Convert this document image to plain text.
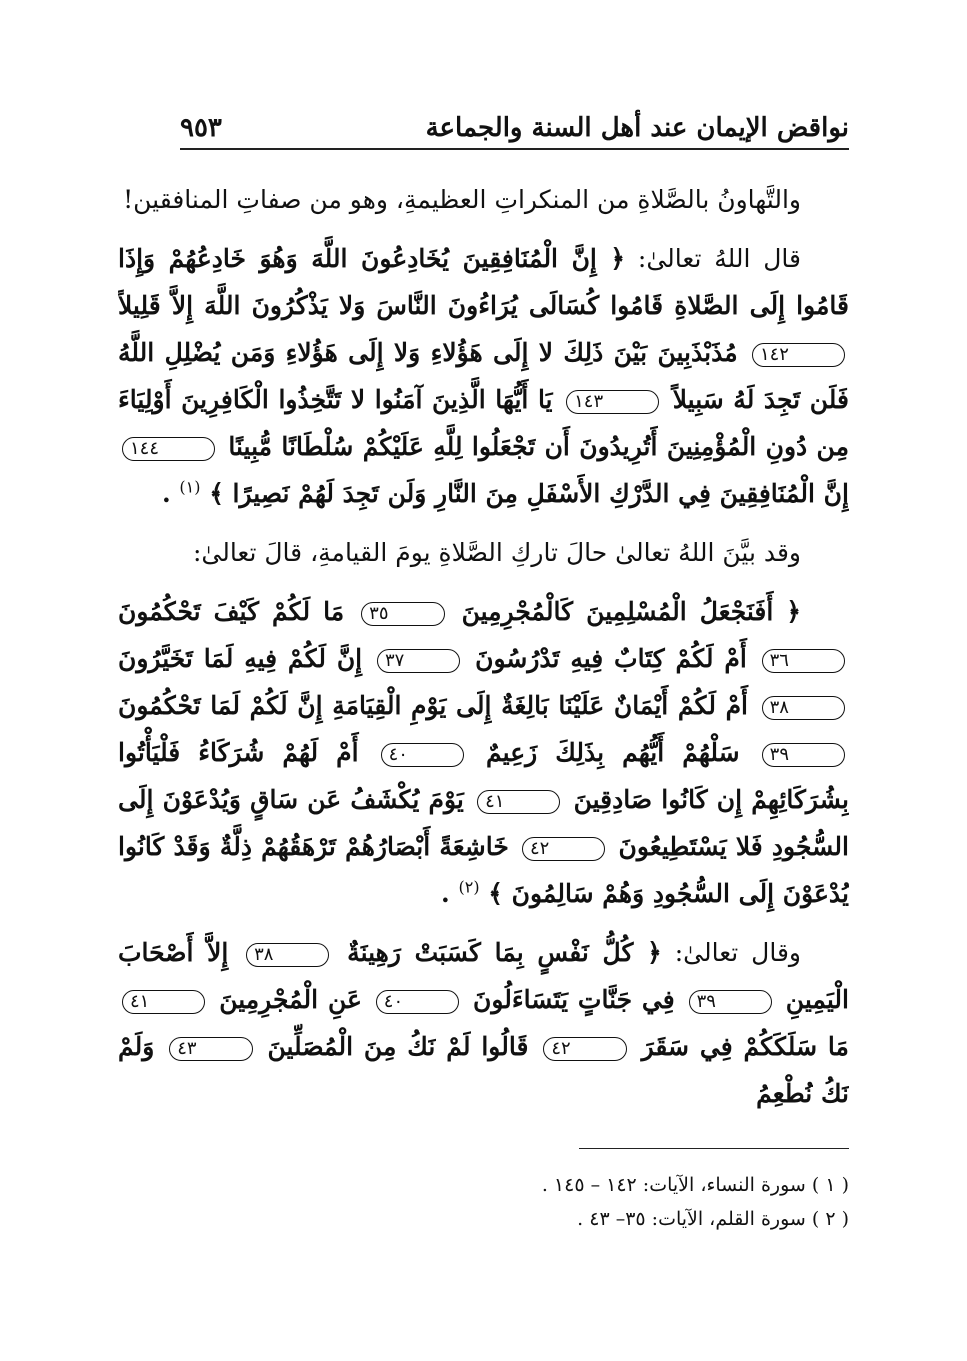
نواقض الإيمان عند أهل السنة والجماعة
٩٥٣

والتَّهاونُ بالصَّلاةِ من المنكراتِ العظيمةِ، وهو من صفاتِ المنافقين!

قال اللهُ تعالىٰ: ﴿ إِنَّ الْمُنَافِقِينَ يُخَادِعُونَ اللَّهَ وَهُوَ خَادِعُهُمْ وَإِذَا قَامُوا إِلَى الصَّلاةِ قَامُوا كُسَالَى يُرَاءُونَ النَّاسَ وَلا يَذْكُرُونَ اللَّهَ إِلاَّ قَلِيلاً ١٤٢ مُذَبْذَبِينَ بَيْنَ ذَلِكَ لا إِلَى هَؤُلاءِ وَلا إِلَى هَؤُلاءِ وَمَن يُضْلِلِ اللَّهُ فَلَن تَجِدَ لَهُ سَبِيلاً ١٤٣ يَا أَيُّهَا الَّذِينَ آمَنُوا لا تَتَّخِذُوا الْكَافِرِينَ أَوْلِيَاءَ مِن دُونِ الْمُؤْمِنِينَ أَتُرِيدُونَ أَن تَجْعَلُوا لِلَّهِ عَلَيْكُمْ سُلْطَانًا مُّبِينًا ١٤٤ إِنَّ الْمُنَافِقِينَ فِي الدَّرْكِ الأَسْفَلِ مِنَ النَّارِ وَلَن تَجِدَ لَهُمْ نَصِيرًا ﴾ $^{(١)}$ .

وقد بيَّنَ اللهُ تعالىٰ حالَ تاركِ الصَّلاةِ يومَ القيامةِ، قالَ تعالىٰ:

﴿ أَفَنَجْعَلُ الْمُسْلِمِينَ كَالْمُجْرِمِينَ ٣٥ مَا لَكُمْ كَيْفَ تَحْكُمُونَ ٣٦ أَمْ لَكُمْ كِتَابٌ فِيهِ تَدْرُسُونَ ٣٧ إِنَّ لَكُمْ فِيهِ لَمَا تَخَيَّرُونَ ٣٨ أَمْ لَكُمْ أَيْمَانٌ عَلَيْنَا بَالِغَةٌ إِلَى يَوْمِ الْقِيَامَةِ إِنَّ لَكُمْ لَمَا تَحْكُمُونَ ٣٩ سَلْهُمْ أَيُّهُم بِذَلِكَ زَعِيمٌ ٤٠ أَمْ لَهُمْ شُرَكَاءُ فَلْيَأْتُوا بِشُرَكَائِهِمْ إِن كَانُوا صَادِقِينَ ٤١ يَوْمَ يُكْشَفُ عَن سَاقٍ وَيُدْعَوْنَ إِلَى السُّجُودِ فَلا يَسْتَطِيعُونَ ٤٢ خَاشِعَةً أَبْصَارُهُمْ تَرْهَقُهُمْ ذِلَّةٌ وَقَدْ كَانُوا يُدْعَوْنَ إِلَى السُّجُودِ وَهُمْ سَالِمُونَ ﴾ $^{(٢)}$ .

وقال تعالىٰ: ﴿ كُلُّ نَفْسٍ بِمَا كَسَبَتْ رَهِينَةٌ ٣٨ إِلاَّ أَصْحَابَ الْيَمِينِ ٣٩ فِي جَنَّاتٍ يَتَسَاءَلُونَ ٤٠ عَنِ الْمُجْرِمِينَ ٤١ مَا سَلَكَكُمْ فِي سَقَرَ ٤٢ قَالُوا لَمْ نَكُ مِنَ الْمُصَلِّينَ ٤٣ وَلَمْ نَكُ نُطْعِمُ

( ١ ) سورة النساء، الآيات: ١٤٢ – ١٤٥ .

( ٢ ) سورة القلم، الآيات: ٣٥– ٤٣ .
